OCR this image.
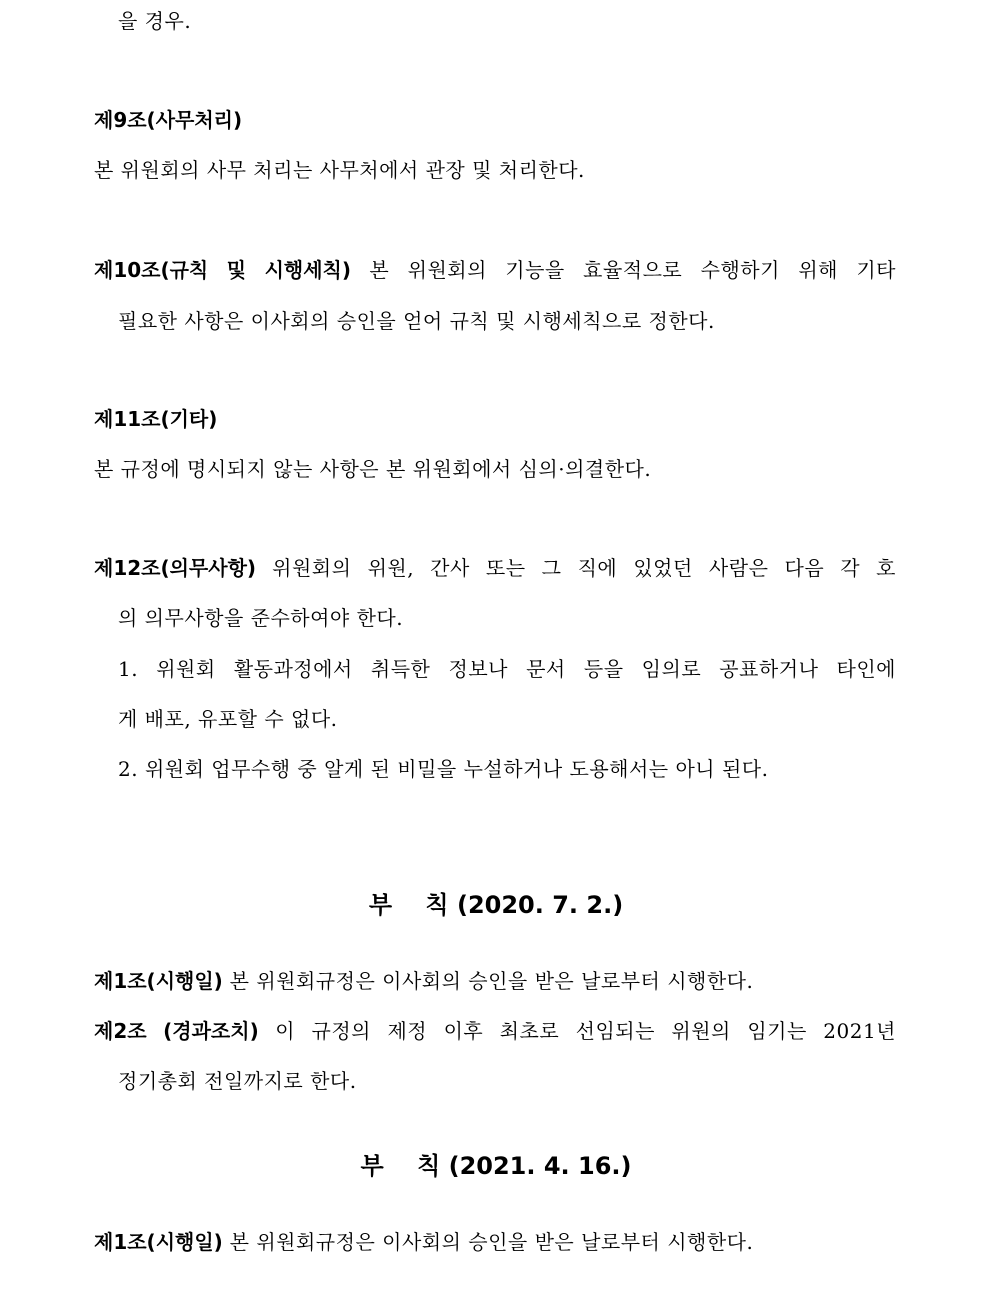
을 경우.
제9조(사무처리)
본 위원회의 사무 처리는 사무처에서 관장 및 처리한다.
제10조(규칙 및 시행세칙) 본 위원회의 기능을 효율적으로 수행하기 위해 기타
필요한 사항은 이사회의 승인을 얻어 규칙 및 시행세칙으로 정한다.
제11조(기타)
본 규정에 명시되지 않는 사항은 본 위원회에서 심의·의결한다.
제12조(의무사항) 위원회의 위원, 간사 또는 그 직에 있었던 사람은 다음 각 호
의 의무사항을 준수하여야 한다.
1. 위원회 활동과정에서 취득한 정보나 문서 등을 임의로 공표하거나 타인에
게 배포, 유포할 수 없다.
2. 위원회 업무수행 중 알게 된 비밀을 누설하거나 도용해서는 아니 된다.
부    칙 (2020. 7. 2.)
제1조(시행일) 본 위원회규정은 이사회의 승인을 받은 날로부터 시행한다.
제2조 (경과조치) 이 규정의 제정 이후 최초로 선임되는 위원의 임기는 2021년
정기총회 전일까지로 한다.
부    칙 (2021. 4. 16.)
제1조(시행일) 본 위원회규정은 이사회의 승인을 받은 날로부터 시행한다.
